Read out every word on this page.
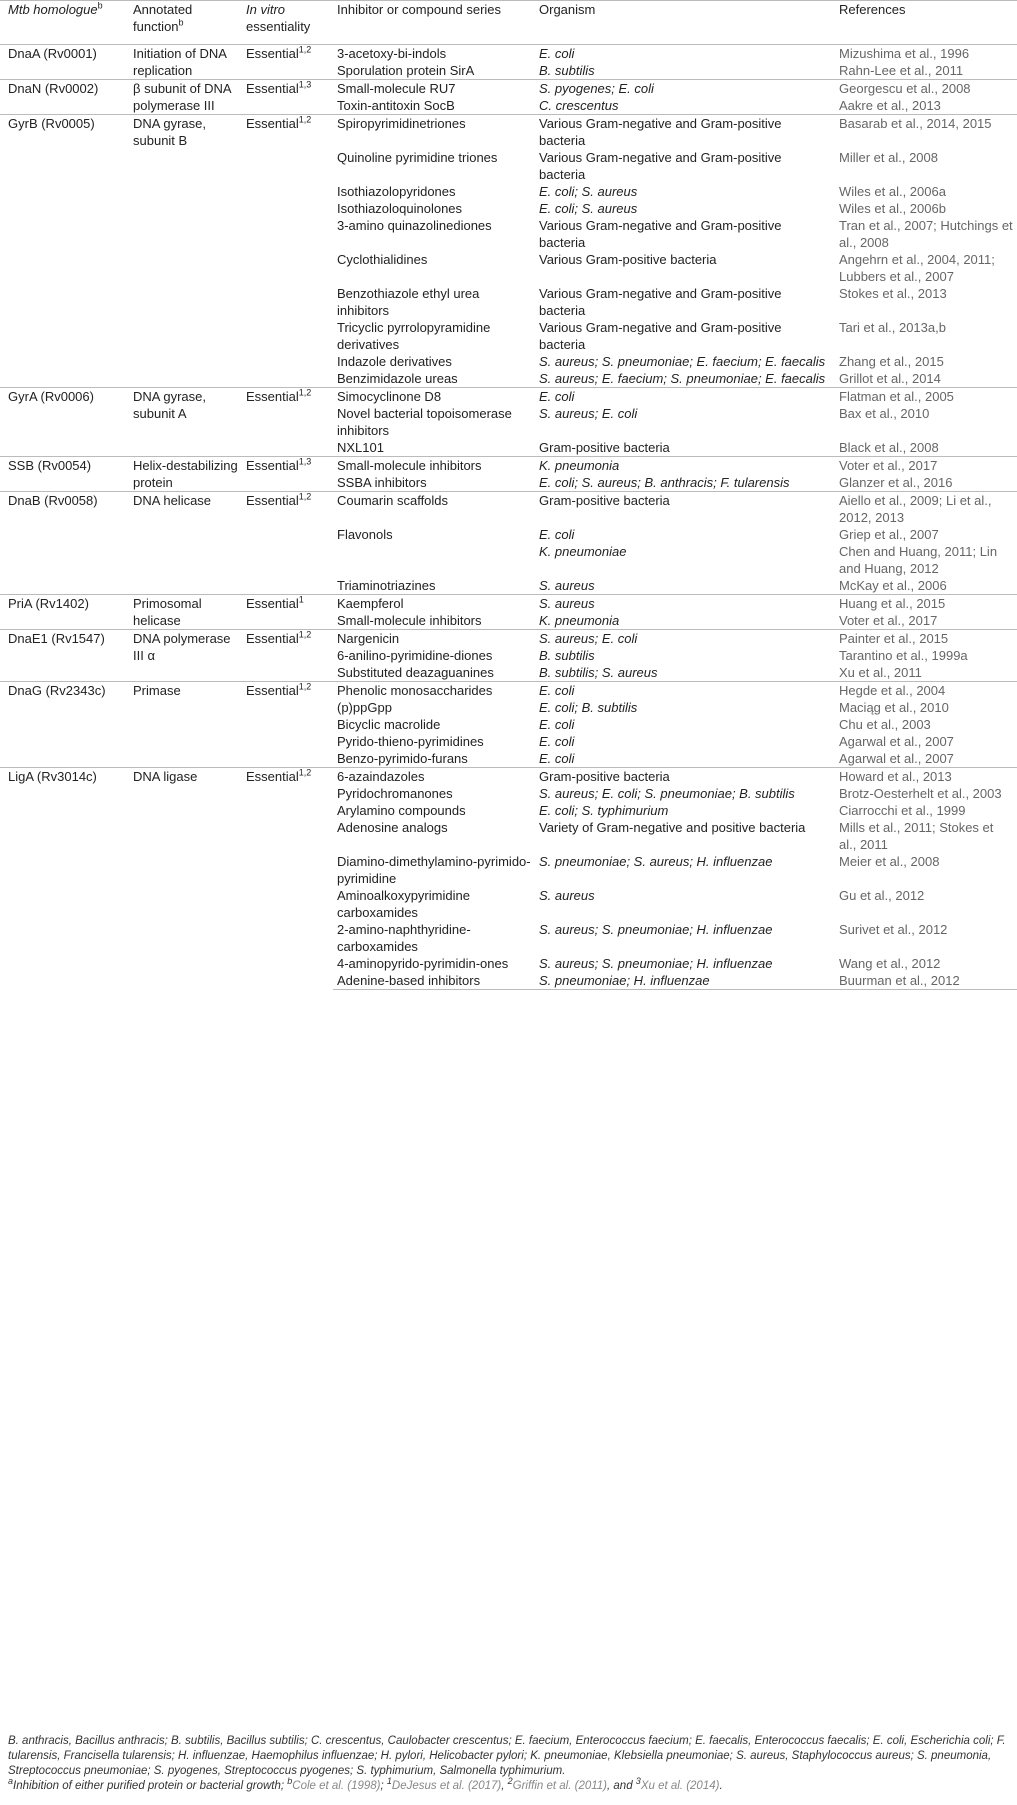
Mtb homologue$^b$	Annotated function$^b$	In vitro essentiality	Inhibitor or compound series	Organism	References
DnaA (Rv0001)	Initiation of DNA replication	Essential$^{1,2}$	3-acetoxy-bi-indols	E. coli	Mizushima et al., 1996
			Sporulation protein SirA	B. subtilis	Rahn-Lee et al., 2011
DnaN (Rv0002)	β subunit of DNA polymerase III	Essential$^{1,3}$	Small-molecule RU7	S. pyogenes; E. coli	Georgescu et al., 2008
			Toxin-antitoxin SocB	C. crescentus	Aakre et al., 2013
GyrB (Rv0005)	DNA gyrase, subunit B	Essential$^{1,2}$	Spiropyrimidinetriones	Various Gram-negative and Gram-positive bacteria	Basarab et al., 2014, 2015
			Quinoline pyrimidine triones	Various Gram-negative and Gram-positive bacteria	Miller et al., 2008
			Isothiazolopyridones	E. coli; S. aureus	Wiles et al., 2006a
			Isothiazoloquinolones	E. coli; S. aureus	Wiles et al., 2006b
			3-amino quinazolinediones	Various Gram-negative and Gram-positive bacteria	Tran et al., 2007; Hutchings et al., 2008
			Cyclothialidines	Various Gram-positive bacteria	Angehrn et al., 2004, 2011; Lubbers et al., 2007
			Benzothiazole ethyl urea inhibitors	Various Gram-negative and Gram-positive bacteria	Stokes et al., 2013
			Tricyclic pyrrolopyramidine derivatives	Various Gram-negative and Gram-positive bacteria	Tari et al., 2013a,b
			Indazole derivatives	S. aureus; S. pneumoniae; E. faecium; E. faecalis	Zhang et al., 2015
			Benzimidazole ureas	S. aureus; E. faecium; S. pneumoniae; E. faecalis	Grillot et al., 2014
GyrA (Rv0006)	DNA gyrase, subunit A	Essential$^{1,2}$	Simocyclinone D8	E. coli	Flatman et al., 2005
			Novel bacterial topoisomerase inhibitors	S. aureus; E. coli	Bax et al., 2010
			NXL101	Gram-positive bacteria	Black et al., 2008
SSB (Rv0054)	Helix-destabilizing protein	Essential$^{1,3}$	Small-molecule inhibitors	K. pneumonia	Voter et al., 2017
			SSBA inhibitors	E. coli; S. aureus; B. anthracis; F. tularensis	Glanzer et al., 2016
DnaB (Rv0058)	DNA helicase	Essential$^{1,2}$	Coumarin scaffolds	Gram-positive bacteria	Aiello et al., 2009; Li et al., 2012, 2013
			Flavonols	E. coli	Griep et al., 2007
				K. pneumoniae	Chen and Huang, 2011; Lin and Huang, 2012
			Triaminotriazines	S. aureus	McKay et al., 2006
PriA (Rv1402)	Primosomal helicase	Essential$^1$	Kaempferol	S. aureus	Huang et al., 2015
			Small-molecule inhibitors	K. pneumonia	Voter et al., 2017
DnaE1 (Rv1547)	DNA polymerase III α	Essential$^{1,2}$	Nargenicin	S. aureus; E. coli	Painter et al., 2015
			6-anilino-pyrimidine-diones	B. subtilis	Tarantino et al., 1999a
			Substituted deazaguanines	B. subtilis; S. aureus	Xu et al., 2011
DnaG (Rv2343c)	Primase	Essential$^{1,2}$	Phenolic monosaccharides	E. coli	Hegde et al., 2004
			(p)ppGpp	E. coli; B. subtilis	Maciąg et al., 2010
			Bicyclic macrolide	E. coli	Chu et al., 2003
			Pyrido-thieno-pyrimidines	E. coli	Agarwal et al., 2007
			Benzo-pyrimido-furans	E. coli	Agarwal et al., 2007
LigA (Rv3014c)	DNA ligase	Essential$^{1,2}$	6-azaindazoles	Gram-positive bacteria	Howard et al., 2013
			Pyridochromanones	S. aureus; E. coli; S. pneumoniae; B. subtilis	Brotz-Oesterhelt et al., 2003
			Arylamino compounds	E. coli; S. typhimurium	Ciarrocchi et al., 1999
			Adenosine analogs	Variety of Gram-negative and positive bacteria	Mills et al., 2011; Stokes et al., 2011
			Diamino-dimethylamino-pyrimido-pyrimidine	S. pneumoniae; S. aureus; H. influenzae	Meier et al., 2008
			Aminoalkoxypyrimidine carboxamides	S. aureus	Gu et al., 2012
			2-amino-naphthyridine-carboxamides	S. aureus; S. pneumoniae; H. influenzae	Surivet et al., 2012
			4-aminopyrido-pyrimidin-ones	S. aureus; S. pneumoniae; H. influenzae	Wang et al., 2012
			Adenine-based inhibitors	S. pneumoniae; H. influenzae	Buurman et al., 2012
B. anthracis, Bacillus anthracis; B. subtilis, Bacillus subtilis; C. crescentus, Caulobacter crescentus; E. faecium, Enterococcus faecium; E. faecalis, Enterococcus faecalis; E. coli, Escherichia coli; F. tularensis, Francisella tularensis; H. influenzae, Haemophilus influenzae; H. pylori, Helicobacter pylori; K. pneumoniae, Klebsiella pneumoniae; S. aureus, Staphylococcus aureus; S. pneumonia, Streptococcus pneumoniae; S. pyogenes, Streptococcus pyogenes; S. typhimurium, Salmonella typhimurium.
$^a$Inhibition of either purified protein or bacterial growth; $^b$Cole et al. (1998); $^1$DeJesus et al. (2017), $^2$Griffin et al. (2011), and $^3$Xu et al. (2014).
